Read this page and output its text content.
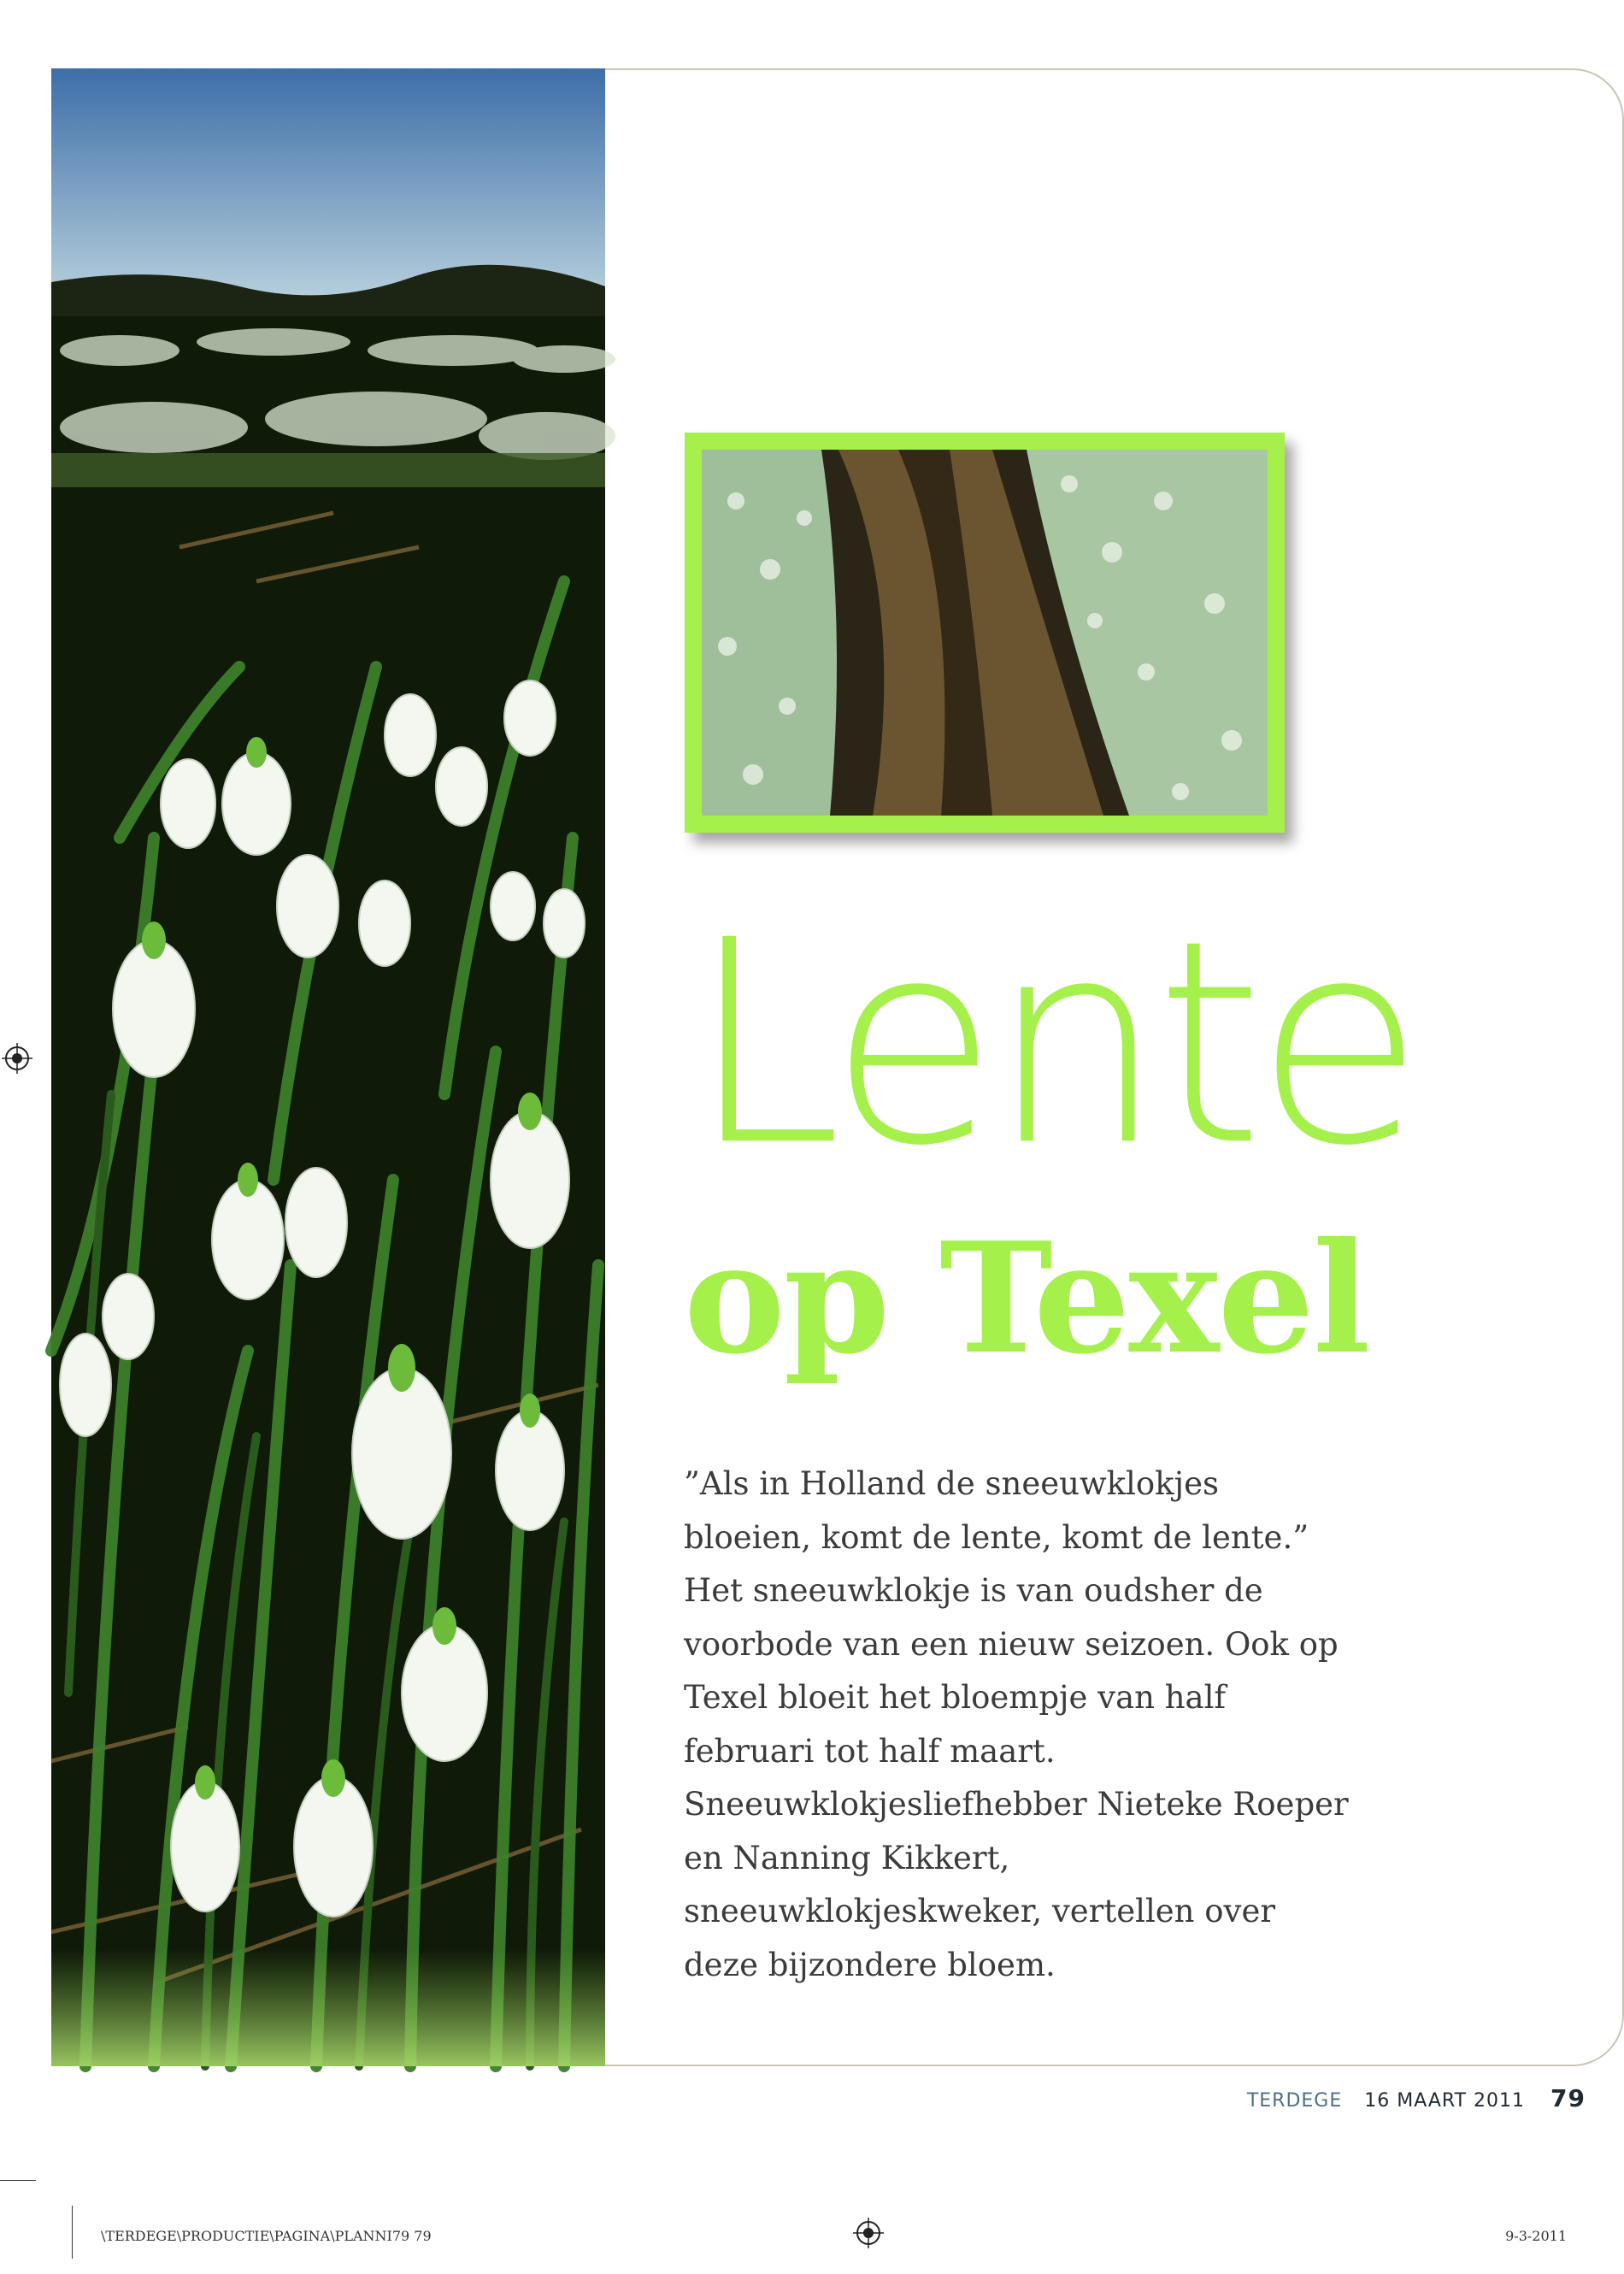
Lente
op Texel

”Als in Holland de sneeuwklokjes bloeien, komt de lente, komt de lente.” Het sneeuwklokje is van oudsher de voorbode van een nieuw seizoen. Ook op Texel bloeit het bloempje van half februari tot half maart. Sneeuwklokjesliefhebber Nieteke Roeper en Nanning Kikkert, sneeuwklokjeskweker, vertellen over deze bijzondere bloem.

TERDEGE 16 MAART 2011 79
\TERDEGE\PRODUCTIE\PAGINA\PLANNI79 79	9-3-2011
